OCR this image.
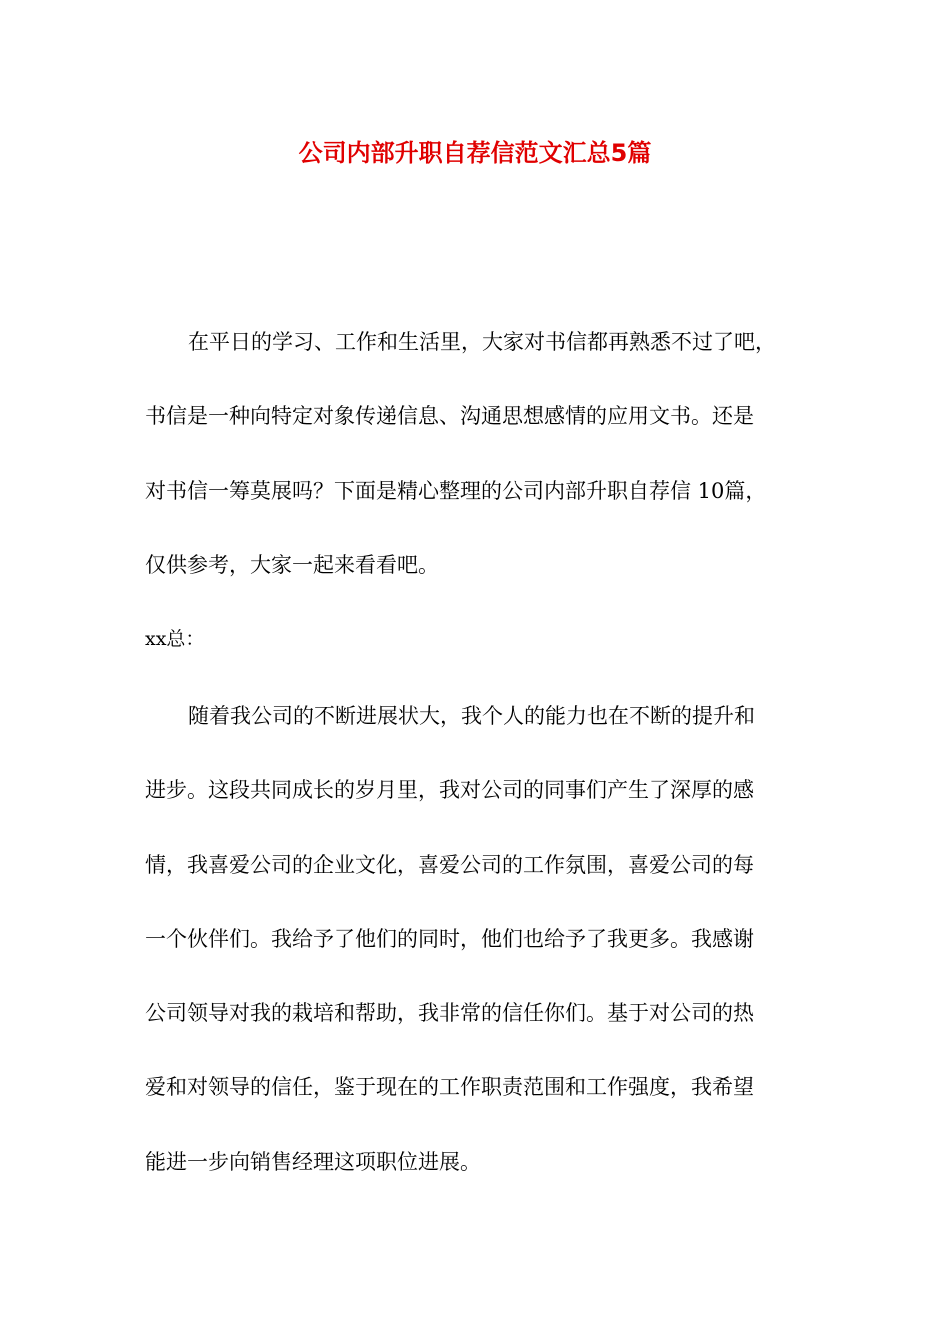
公司内部升职自荐信范文汇总5篇

在平日的学习、工作和生活里，大家对书信都再熟悉不过了吧，

书信是一种向特定对象传递信息、沟通思想感情的应用文书。还是

对书信一筹莫展吗？下面是精心整理的公司内部升职自荐信 10篇，

仅供参考，大家一起来看看吧。

xx总：

随着我公司的不断进展状大，我个人的能力也在不断的提升和

进步。这段共同成长的岁月里，我对公司的同事们产生了深厚的感

情，我喜爱公司的企业文化，喜爱公司的工作氛围，喜爱公司的每

一个伙伴们。我给予了他们的同时，他们也给予了我更多。我感谢

公司领导对我的栽培和帮助，我非常的信任你们。基于对公司的热

爱和对领导的信任，鉴于现在的工作职责范围和工作强度，我希望

能进一步向销售经理这项职位进展。
